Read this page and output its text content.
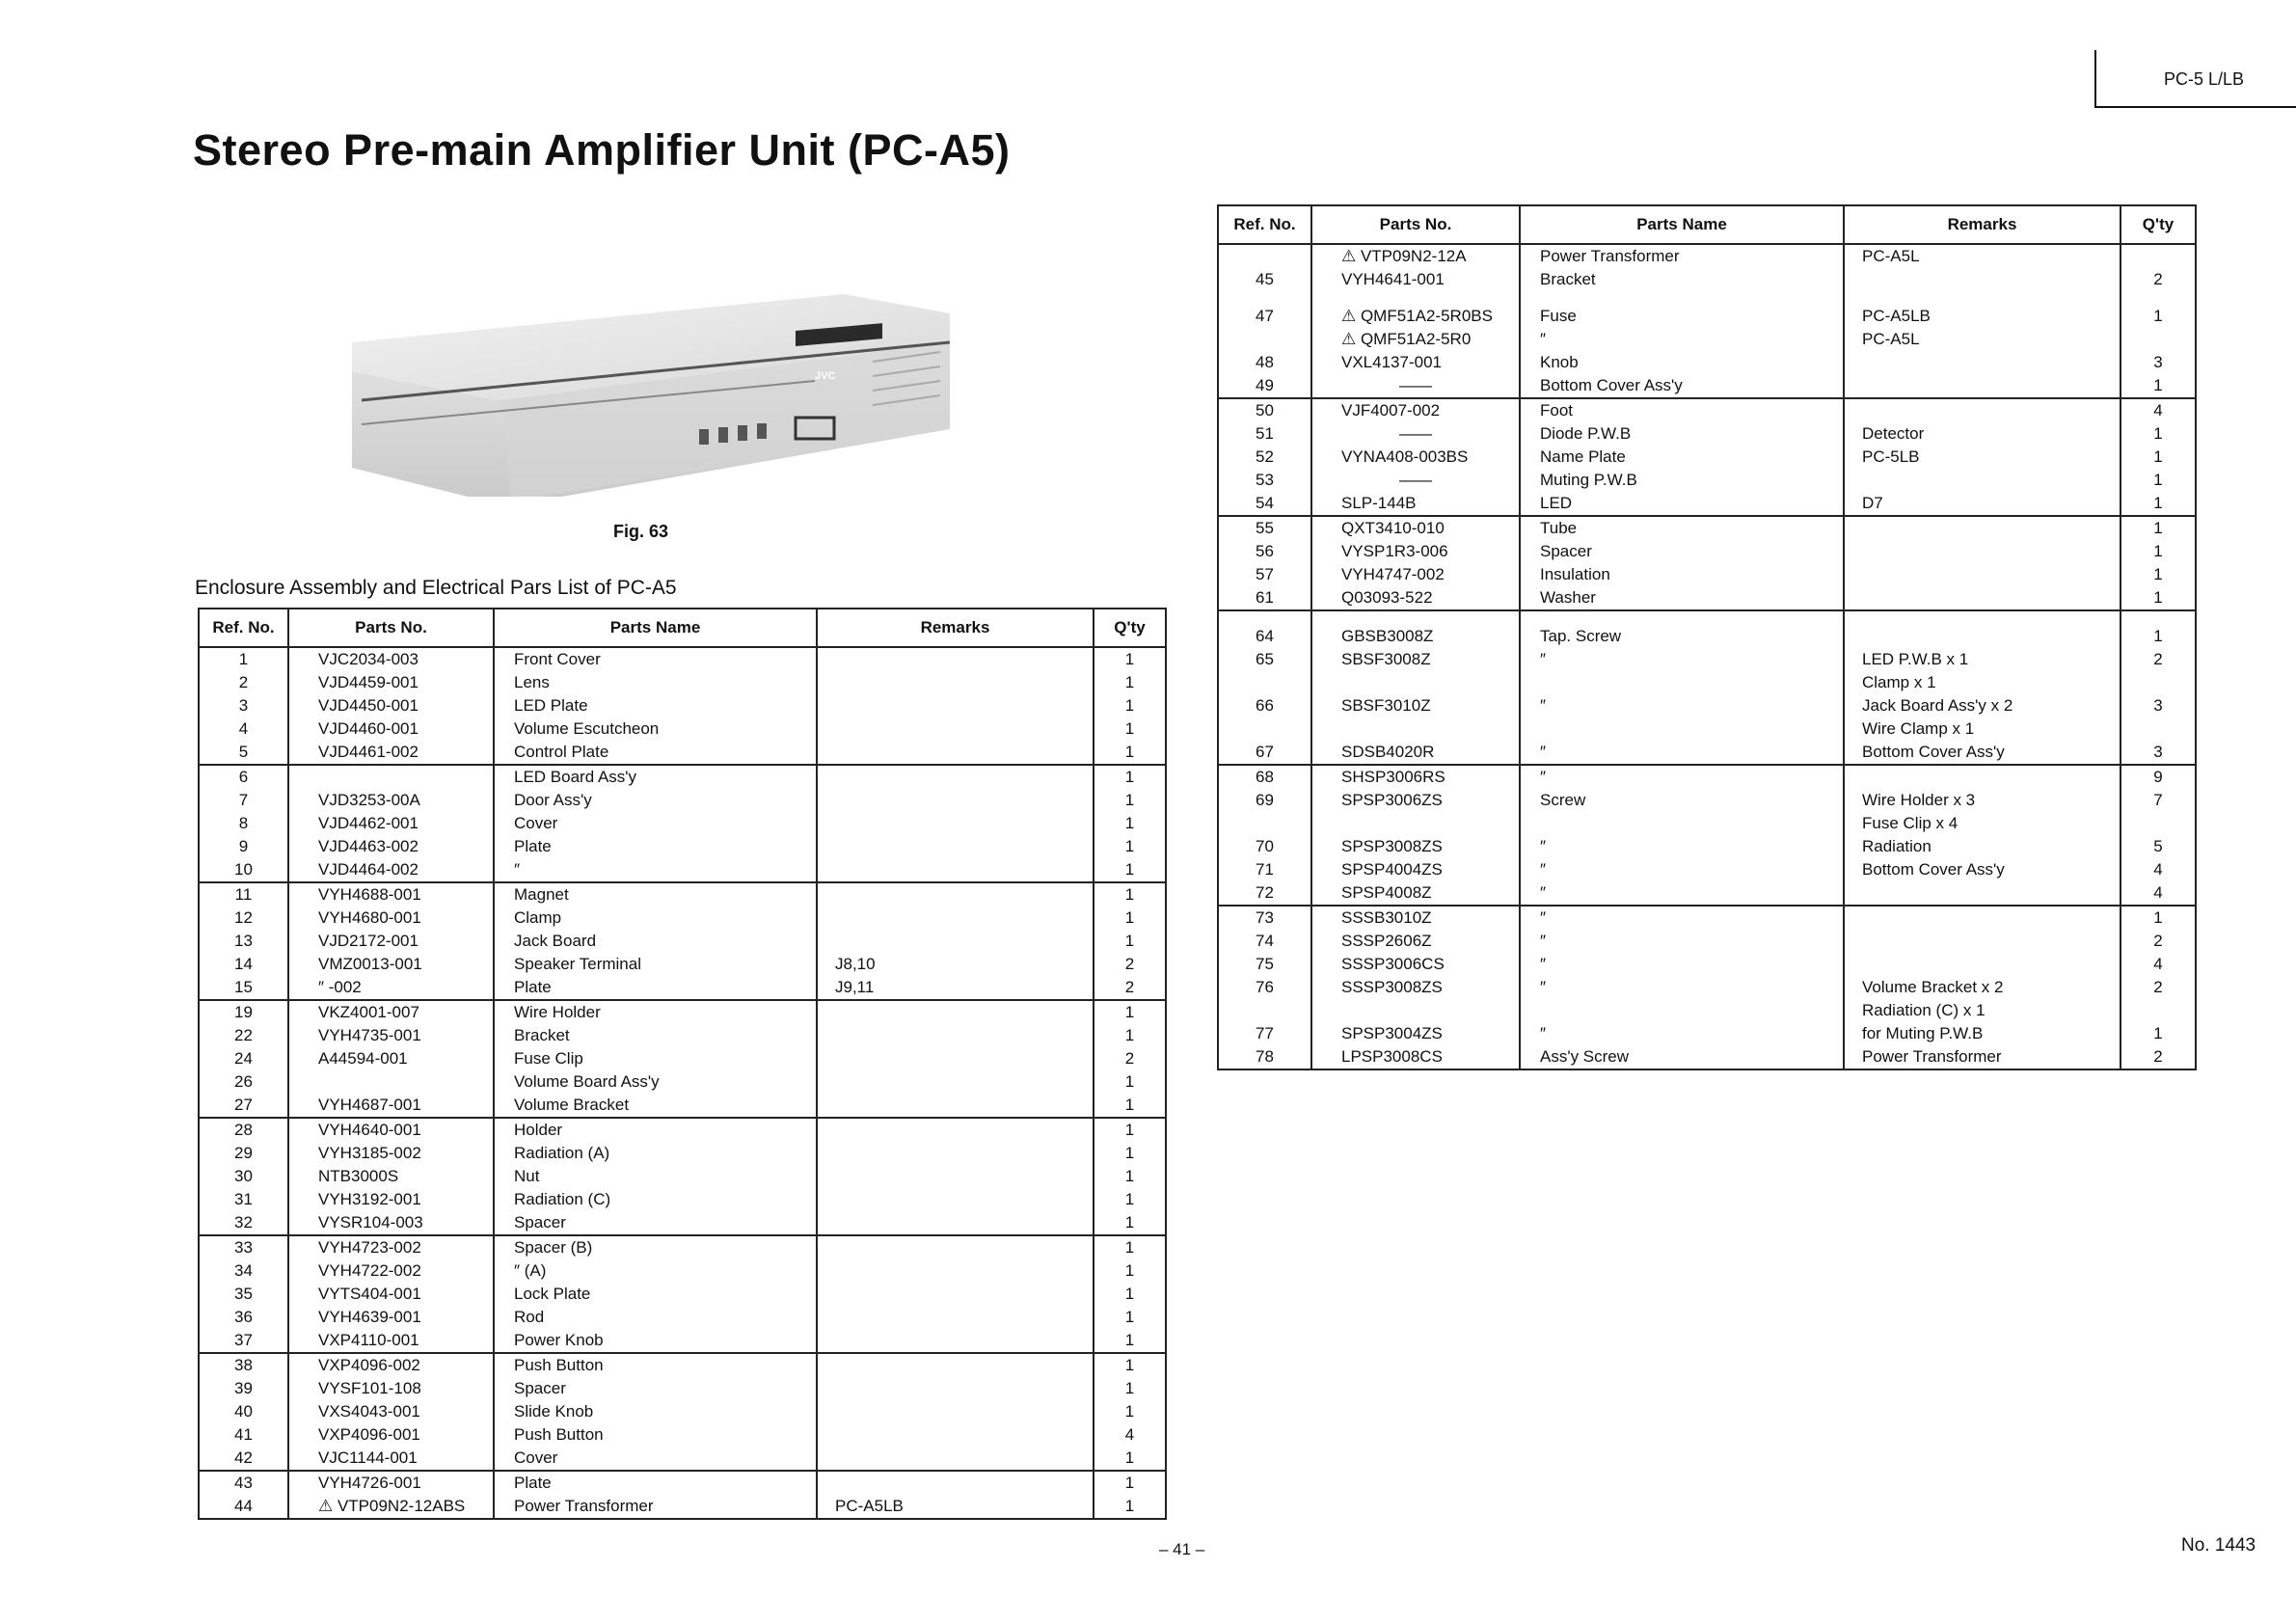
PC-5 L/LB
Stereo Pre-main Amplifier Unit (PC-A5)
JVC
Fig. 63
Enclosure Assembly and Electrical Pars List of PC-A5
Ref. No.	Parts No.	Parts Name	Remarks	Q'ty
1	VJC2034-003	Front Cover		1
2	VJD4459-001	Lens		1
3	VJD4450-001	LED Plate		1
4	VJD4460-001	Volume Escutcheon		1
5	VJD4461-002	Control Plate		1
6		LED Board Ass'y		1
7	VJD3253-00A	Door Ass'y		1
8	VJD4462-001	Cover		1
9	VJD4463-002	Plate		1
10	VJD4464-002	″		1
11	VYH4688-001	Magnet		1
12	VYH4680-001	Clamp		1
13	VJD2172-001	Jack Board		1
14	VMZ0013-001	Speaker Terminal	J8,10	2
15	″ -002	Plate	J9,11	2
19	VKZ4001-007	Wire Holder		1
22	VYH4735-001	Bracket		1
24	A44594-001	Fuse Clip		2
26		Volume Board Ass'y		1
27	VYH4687-001	Volume Bracket		1
28	VYH4640-001	Holder		1
29	VYH3185-002	Radiation (A)		1
30	NTB3000S	Nut		1
31	VYH3192-001	Radiation (C)		1
32	VYSR104-003	Spacer		1
33	VYH4723-002	Spacer (B)		1
34	VYH4722-002	″ (A)		1
35	VYTS404-001	Lock Plate		1
36	VYH4639-001	Rod		1
37	VXP4110-001	Power Knob		1
38	VXP4096-002	Push Button		1
39	VYSF101-108	Spacer		1
40	VXS4043-001	Slide Knob		1
41	VXP4096-001	Push Button		4
42	VJC1144-001	Cover		1
43	VYH4726-001	Plate		1
44	⚠ VTP09N2-12ABS	Power Transformer	PC-A5LB	1
Ref. No.	Parts No.	Parts Name	Remarks	Q'ty
	⚠ VTP09N2-12A	Power Transformer	PC-A5L	
45	VYH4641-001	Bracket		2

47	⚠ QMF51A2-5R0BS	Fuse	PC-A5LB	1
	⚠ QMF51A2-5R0	″	PC-A5L	
48	VXL4137-001	Knob		3
49	——	Bottom Cover Ass'y		1
50	VJF4007-002	Foot		4
51	——	Diode P.W.B	Detector	1
52	VYNA408-003BS	Name Plate	PC-5LB	1
53	——	Muting P.W.B		1
54	SLP-144B	LED	D7	1
55	QXT3410-010	Tube		1
56	VYSP1R3-006	Spacer		1
57	VYH4747-002	Insulation		1
61	Q03093-522	Washer		1

64	GBSB3008Z	Tap. Screw		1
65	SBSF3008Z	″	LED P.W.B x 1	2
			Clamp x 1	
66	SBSF3010Z	″	Jack Board Ass'y x 2	3
			Wire Clamp x 1	
67	SDSB4020R	″	Bottom Cover Ass'y	3
68	SHSP3006RS	″		9
69	SPSP3006ZS	Screw	Wire Holder x 3	7
			Fuse Clip x 4	
70	SPSP3008ZS	″	Radiation	5
71	SPSP4004ZS	″	Bottom Cover Ass'y	4
72	SPSP4008Z	″		4
73	SSSB3010Z	″		1
74	SSSP2606Z	″		2
75	SSSP3006CS	″		4
76	SSSP3008ZS	″	Volume Bracket x 2	2
			Radiation (C) x 1	
77	SPSP3004ZS	″	for Muting P.W.B	1
78	LPSP3008CS	Ass'y Screw	Power Transformer	2
– 41 –	No. 1443
